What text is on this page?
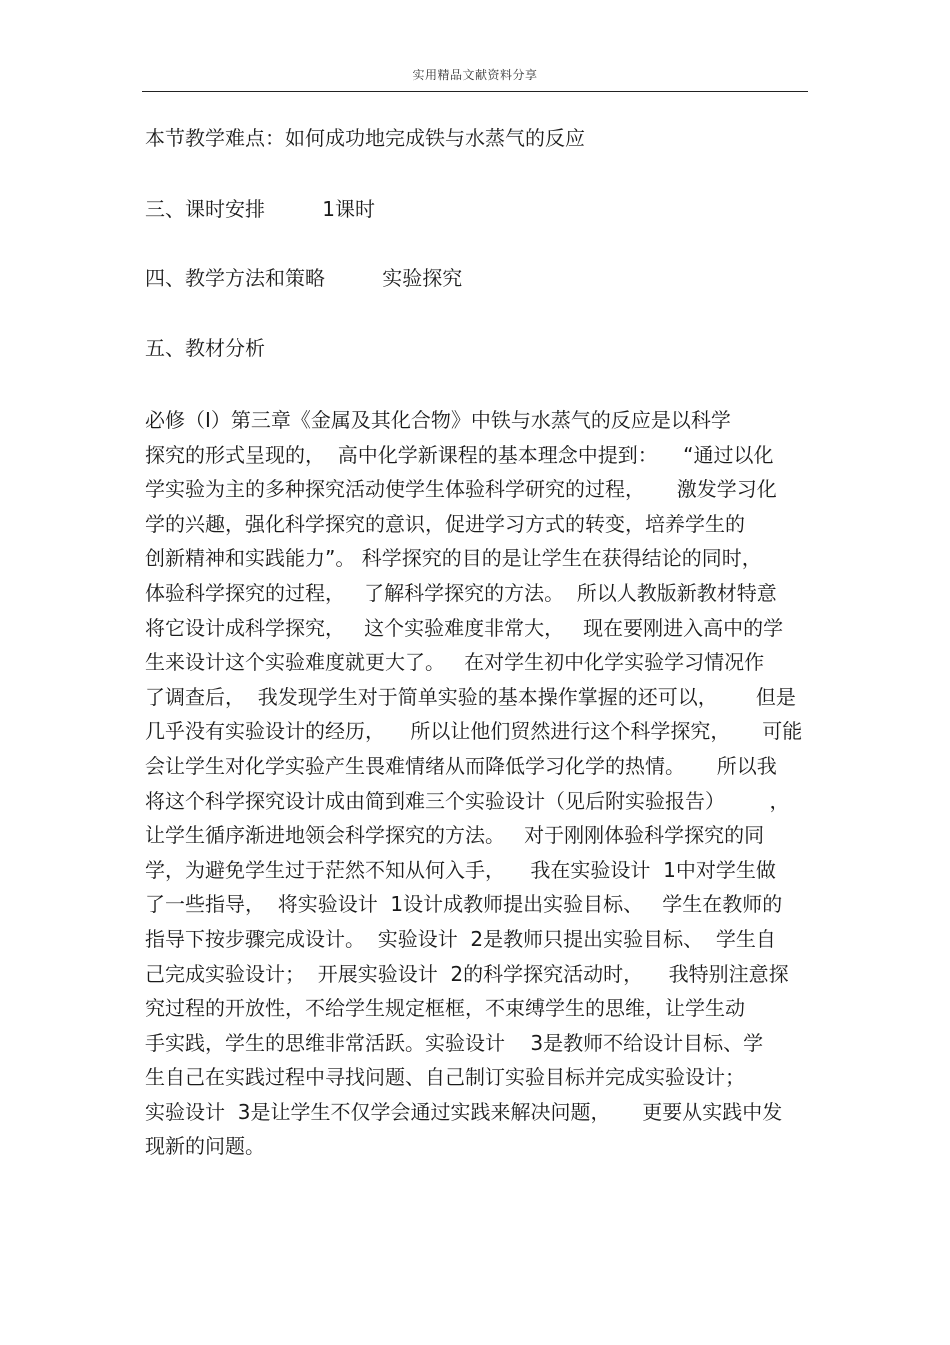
实用精品文献资料分享
本节教学难点：如何成功地完成铁与水蒸气的反应
三、课时安排         1课时
四、教学方法和策略         实验探究
五、教材分析
必修（Ⅰ）第三章《金属及其化合物》中铁与水蒸气的反应是以科学
探究的形式呈现的，  高中化学新课程的基本理念中提到：    “通过以化
学实验为主的多种探究活动使学生体验科学研究的过程，     激发学习化
学的兴趣，强化科学探究的意识，促进学习方式的转变，培养学生的
创新精神和实践能力”。 科学探究的目的是让学生在获得结论的同时，
体验科学探究的过程，   了解科学探究的方法。  所以人教版新教材特意
将它设计成科学探究，   这个实验难度非常大，   现在要刚进入高中的学
生来设计这个实验难度就更大了。   在对学生初中化学实验学习情况作
了调查后，  我发现学生对于简单实验的基本操作掌握的还可以，      但是
几乎没有实验设计的经历，    所以让他们贸然进行这个科学探究，     可能
会让学生对化学实验产生畏难情绪从而降低学习化学的热情。     所以我
将这个科学探究设计成由简到难三个实验设计（见后附实验报告）       ，
让学生循序渐进地领会科学探究的方法。   对于刚刚体验科学探究的同
学，为避免学生过于茫然不知从何入手，    我在实验设计  1中对学生做
了一些指导，  将实验设计  1设计成教师提出实验目标、   学生在教师的
指导下按步骤完成设计。  实验设计  2是教师只提出实验目标、  学生自
己完成实验设计；  开展实验设计  2的科学探究活动时，    我特别注意探
究过程的开放性，不给学生规定框框，不束缚学生的思维，让学生动
手实践，学生的思维非常活跃。实验设计    3是教师不给设计目标、学
生自己在实践过程中寻找问题、自己制订实验目标并完成实验设计；
实验设计  3是让学生不仅学会通过实践来解决问题，     更要从实践中发
现新的问题。
